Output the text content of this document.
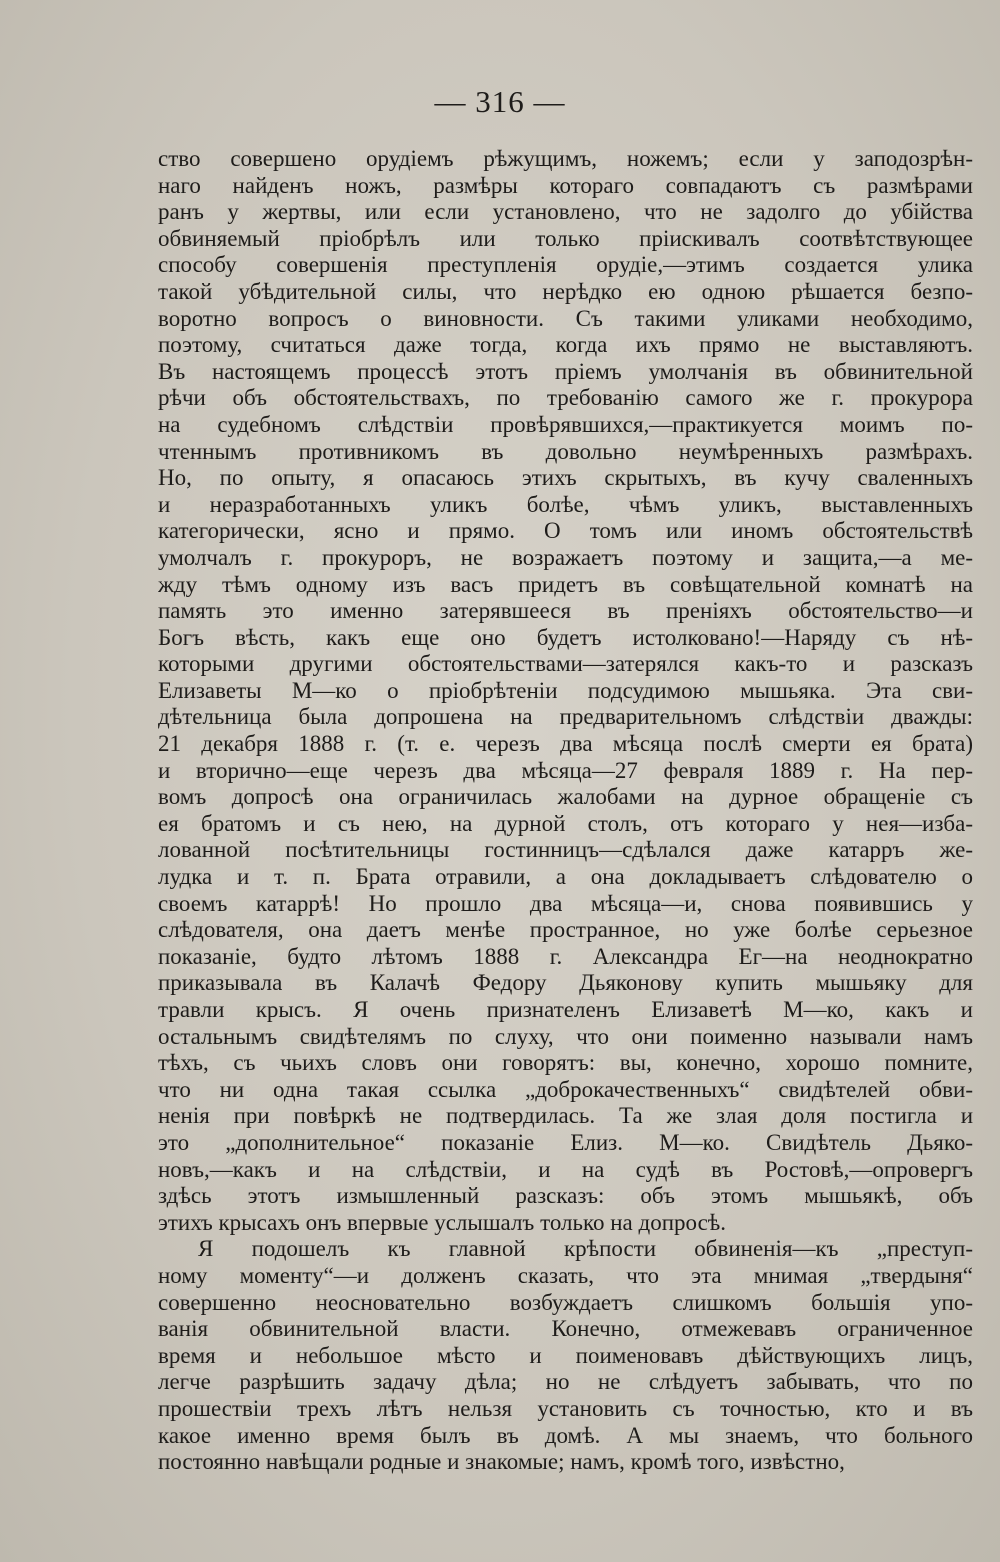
— 316 —
ство совершено орудіемъ рѣжущимъ, ножемъ; если у заподозрѣн-
наго найденъ ножъ, размѣры котораго совпадаютъ съ размѣрами
ранъ у жертвы, или если установлено, что не задолго до убійства
обвиняемый пріобрѣлъ или только пріискивалъ соотвѣтствующее
способу совершенія преступленія орудіе,—этимъ создается улика
такой убѣдительной силы, что нерѣдко ею одною рѣшается безпо-
воротно вопросъ о виновности. Съ такими уликами необходимо,
поэтому, считаться даже тогда, когда ихъ прямо не выставляютъ.
Въ настоящемъ процессѣ этотъ пріемъ умолчанія въ обвинительной
рѣчи объ обстоятельствахъ, по требованію самого же г. прокурора
на судебномъ слѣдствіи провѣрявшихся,—практикуется моимъ по-
чтеннымъ противникомъ въ довольно неумѣренныхъ размѣрахъ.
Но, по опыту, я опасаюсь этихъ скрытыхъ, въ кучу сваленныхъ
и неразработанныхъ уликъ болѣе, чѣмъ уликъ, выставленныхъ
категорически, ясно и прямо. О томъ или иномъ обстоятельствѣ
умолчалъ г. прокуроръ, не возражаетъ поэтому и защита,—а ме-
жду тѣмъ одному изъ васъ придетъ въ совѣщательной комнатѣ на
память это именно затерявшееся въ преніяхъ обстоятельство—и
Богъ вѣсть, какъ еще оно будетъ истолковано!—Наряду съ нѣ-
которыми другими обстоятельствами—затерялся какъ-то и разсказъ
Елизаветы М—ко о пріобрѣтеніи подсудимою мышьяка. Эта сви-
дѣтельница была допрошена на предварительномъ слѣдствіи дважды:
21 декабря 1888 г. (т. е. черезъ два мѣсяца послѣ смерти ея брата)
и вторично—еще черезъ два мѣсяца—27 февраля 1889 г. На пер-
вомъ допросѣ она ограничилась жалобами на дурное обращеніе съ
ея братомъ и съ нею, на дурной столъ, отъ котораго у нея—изба-
лованной посѣтительницы гостинницъ—сдѣлался даже катарръ же-
лудка и т. п. Брата отравили, а она докладываетъ слѣдователю о
своемъ катаррѣ! Но прошло два мѣсяца—и, снова появившись у
слѣдователя, она даетъ менѣе пространное, но уже болѣе серьезное
показаніе, будто лѣтомъ 1888 г. Александра Ег—на неоднократно
приказывала въ Калачѣ Федору Дьяконову купить мышьяку для
травли крысъ. Я очень признателенъ Елизаветѣ М—ко, какъ и
остальнымъ свидѣтелямъ по слуху, что они поименно называли намъ
тѣхъ, съ чьихъ словъ они говорятъ: вы, конечно, хорошо помните,
что ни одна такая ссылка „доброкачественныхъ“ свидѣтелей обви-
ненія при повѣркѣ не подтвердилась. Та же злая доля постигла и
это „дополнительное“ показаніе Елиз. М—ко. Свидѣтель Дьяко-
новъ,—какъ и на слѣдствіи, и на судѣ въ Ростовѣ,—опровергъ
здѣсь этотъ измышленный разсказъ: объ этомъ мышьякѣ, объ
этихъ крысахъ онъ впервые услышалъ только на допросѣ.
Я подошелъ къ главной крѣпости обвиненія—къ „преступ-
ному моменту“—и долженъ сказать, что эта мнимая „твердыня“
совершенно неосновательно возбуждаетъ слишкомъ большія упо-
ванія обвинительной власти. Конечно, отмежевавъ ограниченное
время и небольшое мѣсто и поименовавъ дѣйствующихъ лицъ,
легче разрѣшить задачу дѣла; но не слѣдуетъ забывать, что по
прошествіи трехъ лѣтъ нельзя установить съ точностью, кто и въ
какое именно время былъ въ домѣ. А мы знаемъ, что больного
постоянно навѣщали родные и знакомые; намъ, кромѣ того, извѣстно,
